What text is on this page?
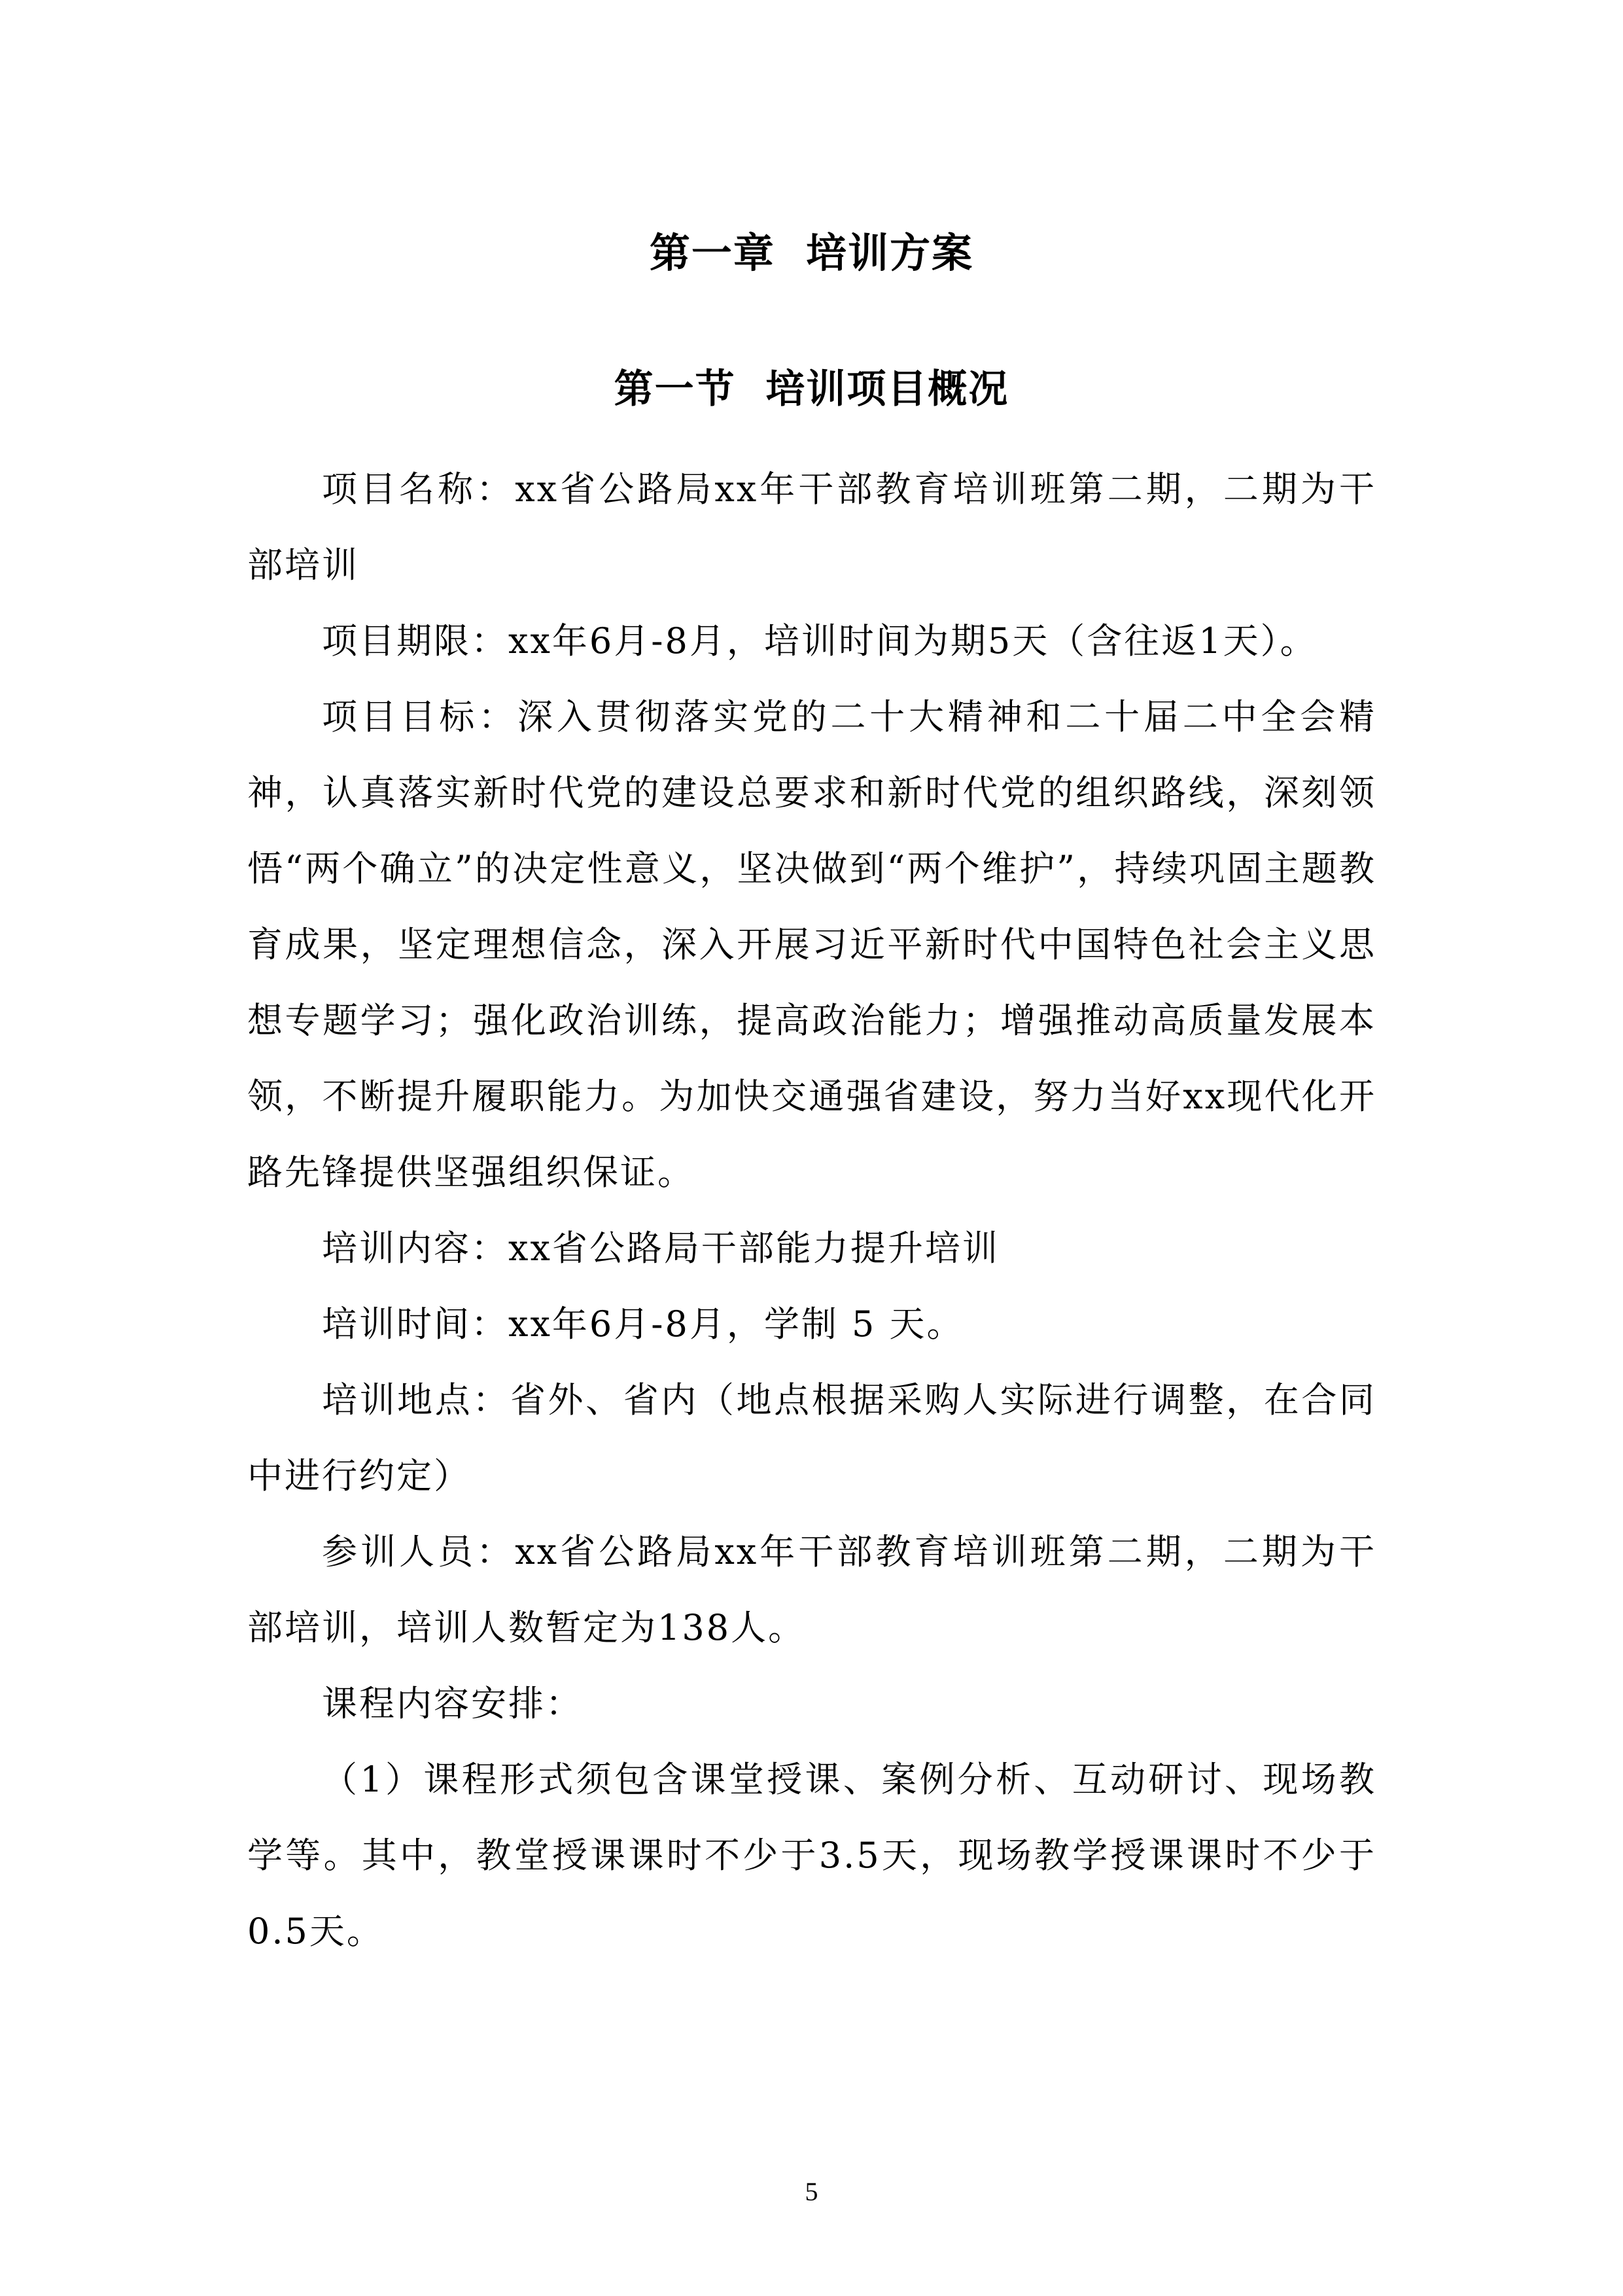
第一章  培训方案
第一节  培训项目概况

项目名称：xx省公路局xx年干部教育培训班第二期，二期为干部培训

项目期限：xx年6月-8月，培训时间为期5天（含往返1天）。

项目目标：深入贯彻落实党的二十大精神和二十届二中全会精神，认真落实新时代党的建设总要求和新时代党的组织路线，深刻领悟“两个确立”的决定性意义，坚决做到“两个维护”，持续巩固主题教育成果，坚定理想信念，深入开展习近平新时代中国特色社会主义思想专题学习；强化政治训练，提高政治能力；增强推动高质量发展本领，不断提升履职能力。为加快交通强省建设，努力当好xx现代化开路先锋提供坚强组织保证。

培训内容：xx省公路局干部能力提升培训

培训时间：xx年6月-8月，学制 5 天。

培训地点：省外、省内（地点根据采购人实际进行调整，在合同中进行约定）

参训人员：xx省公路局xx年干部教育培训班第二期，二期为干部培训，培训人数暂定为138人。

课程内容安排：

（1）课程形式须包含课堂授课、案例分析、互动研讨、现场教学等。其中，教堂授课课时不少于3.5天，现场教学授课课时不少于0.5天。

5
